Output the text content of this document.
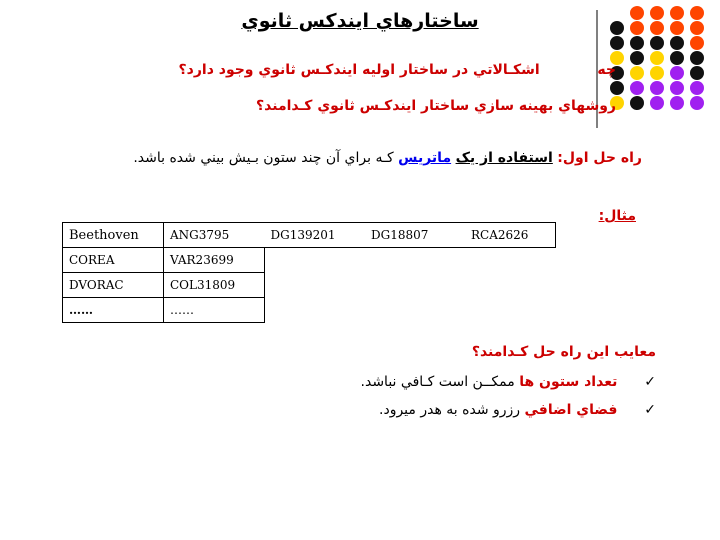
ساختارهاي ايندكس ثانوي
چه  اشكـالاتي در ساختار اوليه ايندكـس ثانوي وجود دارد؟
روشهاي بهينه سازي ساختار ايندكـس ثانوي كـدامند؟
راه حل اول: استفاده از يک ماتريس كـه براي آن چند ستون بـيش بيني شده باشد.
مثال:
Beethoven	ANG3795	DG139201	DG18807	RCA2626
COREA	VAR23699			
DVORAC	COL31809			
……	……			
معايب اين راه حل كـدامند؟
✓  تعداد ستون ها ممكــن است كـافي نباشد.
✓  فضاي اضافي رزرو شده به هدر ميرود.
